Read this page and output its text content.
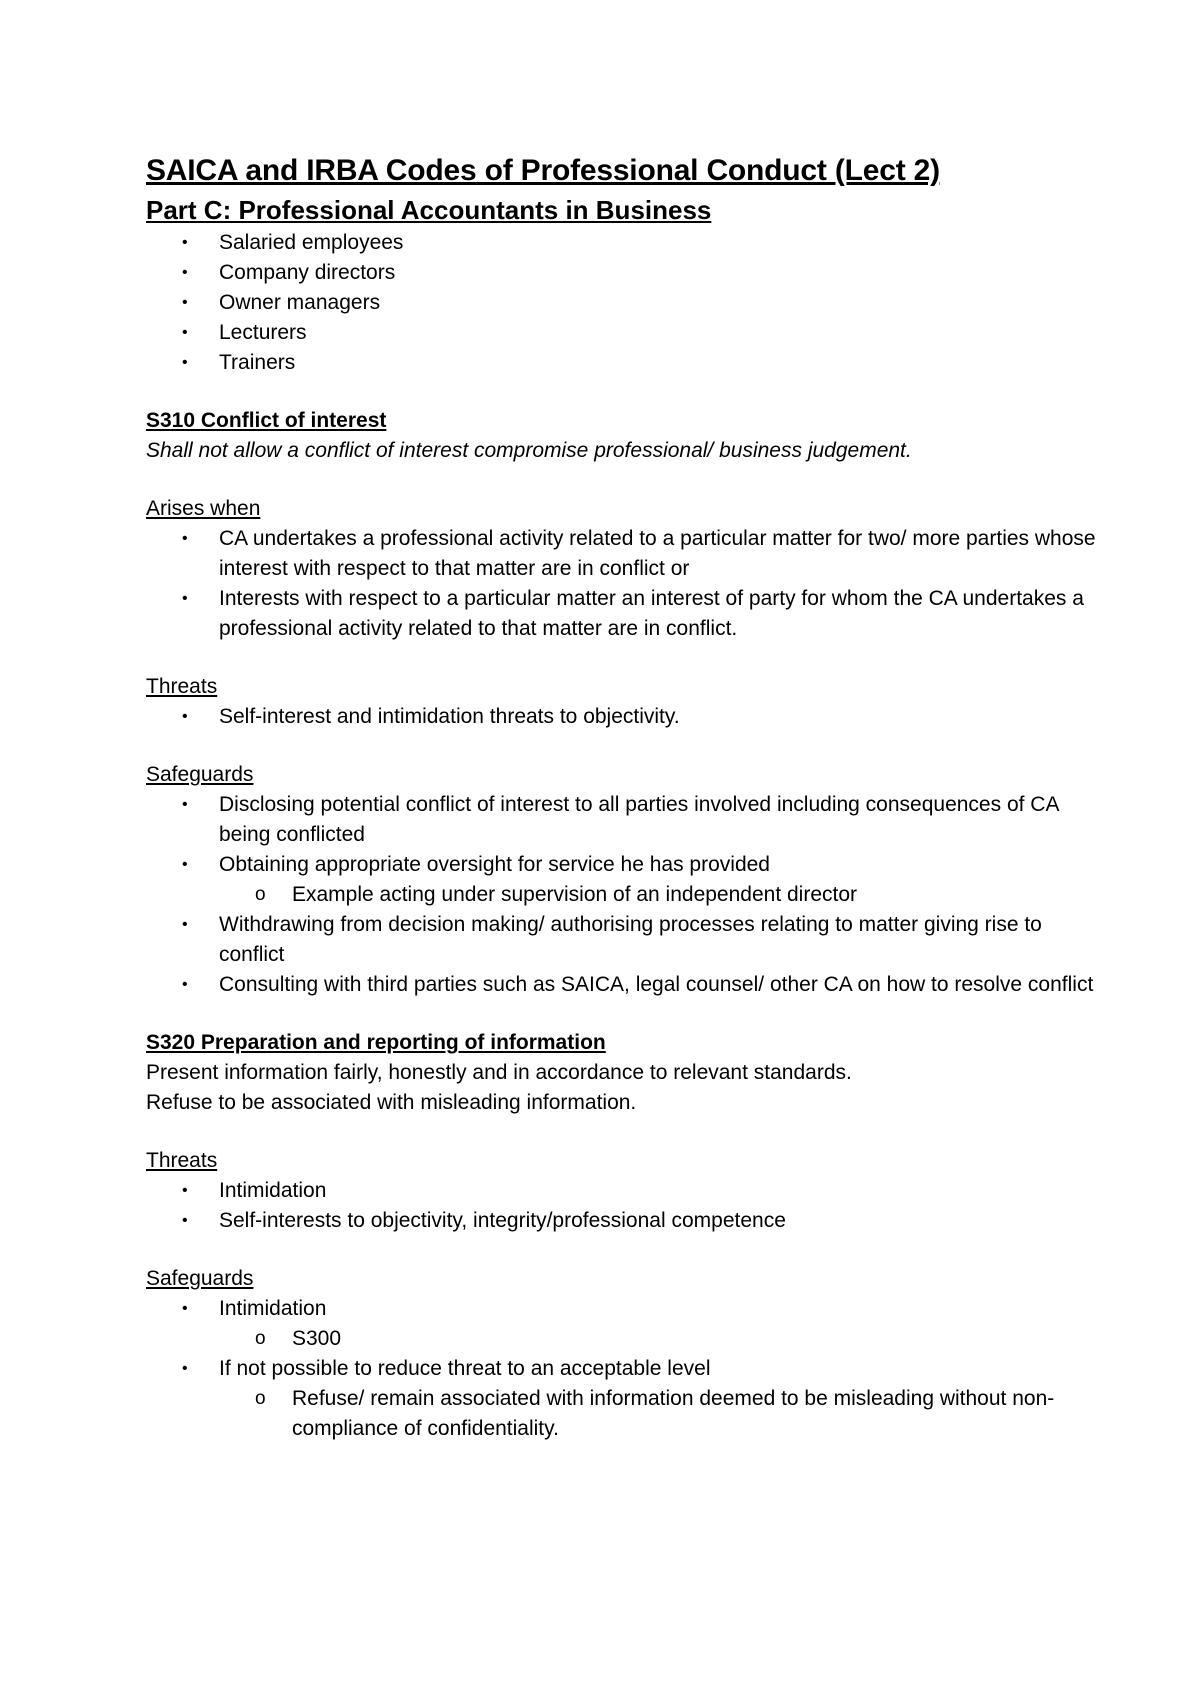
SAICA and IRBA Codes of Professional Conduct (Lect 2)
Part C: Professional Accountants in Business
• Salaried employees
• Company directors
• Owner managers
• Lecturers
• Trainers
S310 Conflict of interest
Shall not allow a conflict of interest compromise professional/ business judgement.
Arises when
• CA undertakes a professional activity related to a particular matter for two/ more parties whose interest with respect to that matter are in conflict or
• Interests with respect to a particular matter an interest of party for whom the CA undertakes a professional activity related to that matter are in conflict.
Threats
• Self-interest and intimidation threats to objectivity.
Safeguards
• Disclosing potential conflict of interest to all parties involved including consequences of CA being conflicted
• Obtaining appropriate oversight for service he has provided
o Example acting under supervision of an independent director
• Withdrawing from decision making/ authorising processes relating to matter giving rise to conflict
• Consulting with third parties such as SAICA, legal counsel/ other CA on how to resolve conflict
S320 Preparation and reporting of information
Present information fairly, honestly and in accordance to relevant standards.
Refuse to be associated with misleading information.
Threats
• Intimidation
• Self-interests to objectivity, integrity/professional competence
Safeguards
• Intimidation
o S300
• If not possible to reduce threat to an acceptable level
o Refuse/ remain associated with information deemed to be misleading without non-compliance of confidentiality.
